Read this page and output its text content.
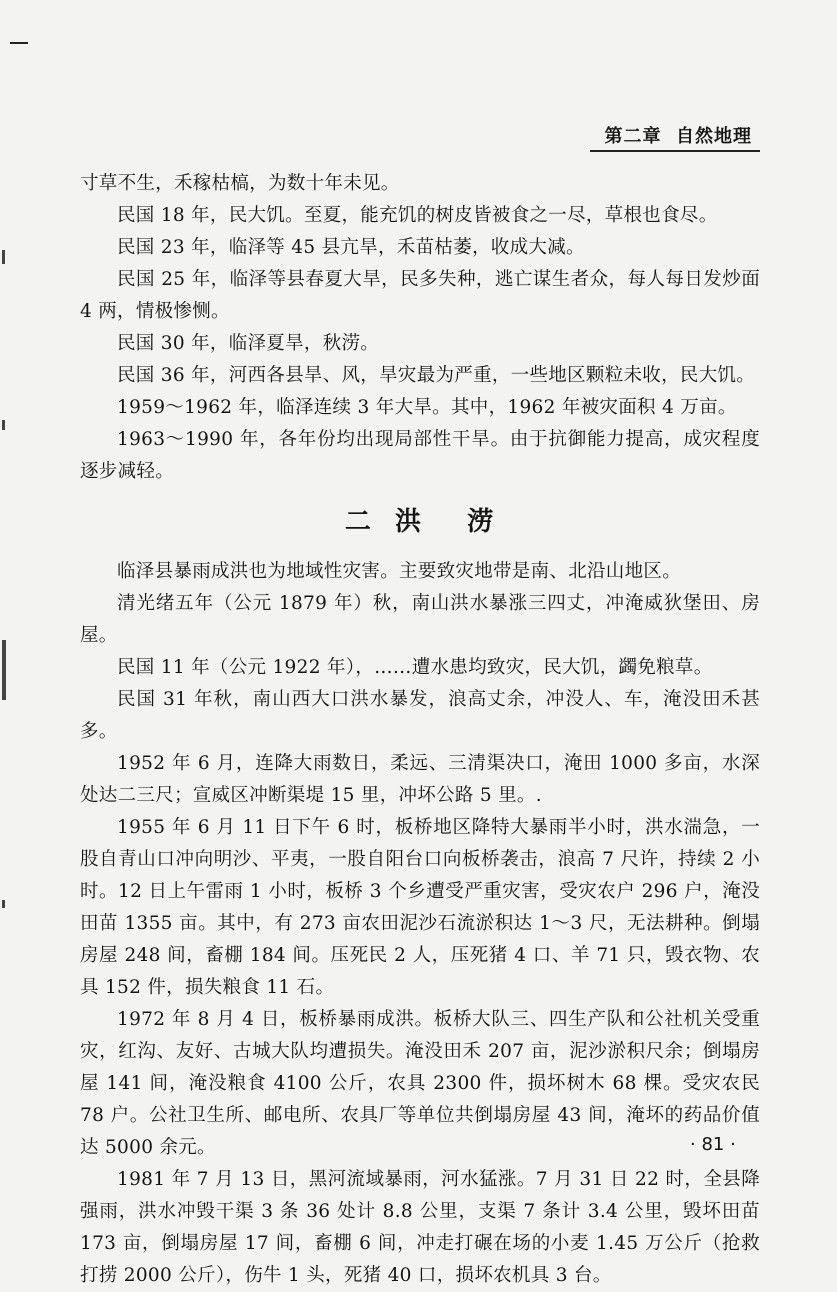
第二章  自然地理

寸草不生，禾稼枯槁，为数十年未见。

民国 18 年，民大饥。至夏，能充饥的树皮皆被食之一尽，草根也食尽。

民国 23 年，临泽等 45 县亢旱，禾苗枯萎，收成大减。

民国 25 年，临泽等县春夏大旱，民多失种，逃亡谋生者众，每人每日发炒面 4 两，情极惨恻。

民国 30 年，临泽夏旱，秋涝。

民国 36 年，河西各县旱、风，旱灾最为严重，一些地区颗粒未收，民大饥。

1959～1962 年，临泽连续 3 年大旱。其中，1962 年被灾面积 4 万亩。

1963～1990 年，各年份均出现局部性干旱。由于抗御能力提高，成灾程度逐步减轻。

二  洪    涝

临泽县暴雨成洪也为地域性灾害。主要致灾地带是南、北沿山地区。

清光绪五年（公元 1879 年）秋，南山洪水暴涨三四丈，冲淹威狄堡田、房屋。

民国 11 年（公元 1922 年），……遭水患均致灾，民大饥，蠲免粮草。

民国 31 年秋，南山西大口洪水暴发，浪高丈余，冲没人、车，淹没田禾甚多。

1952 年 6 月，连降大雨数日，柔远、三清渠决口，淹田 1000 多亩，水深处达二三尺；宣威区冲断渠堤 15 里，冲坏公路 5 里。.

1955 年 6 月 11 日下午 6 时，板桥地区降特大暴雨半小时，洪水湍急，一股自青山口冲向明沙、平夷，一股自阳台口向板桥袭击，浪高 7 尺许，持续 2 小时。12 日上午雷雨 1 小时，板桥 3 个乡遭受严重灾害，受灾农户 296 户，淹没田苗 1355 亩。其中，有 273 亩农田泥沙石流淤积达 1～3 尺，无法耕种。倒塌房屋 248 间，畜棚 184 间。压死民 2 人，压死猪 4 口、羊 71 只，毁衣物、农具 152 件，损失粮食 11 石。

1972 年 8 月 4 日，板桥暴雨成洪。板桥大队三、四生产队和公社机关受重灾，红沟、友好、古城大队均遭损失。淹没田禾 207 亩，泥沙淤积尺余；倒塌房屋 141 间，淹没粮食 4100 公斤，农具 2300 件，损坏树木 68 棵。受灾农民 78 户。公社卫生所、邮电所、农具厂等单位共倒塌房屋 43 间，淹坏的药品价值达 5000 余元。

1981 年 7 月 13 日，黑河流域暴雨，河水猛涨。7 月 31 日 22 时，全县降强雨，洪水冲毁干渠 3 条 36 处计 8.8 公里，支渠 7 条计 3.4 公里，毁坏田苗 173 亩，倒塌房屋 17 间，畜棚 6 间，冲走打碾在场的小麦 1.45 万公斤（抢救打捞 2000 公斤），伤牛 1 头，死猪 40 口，损坏农机具 3 台。

· 81 ·
